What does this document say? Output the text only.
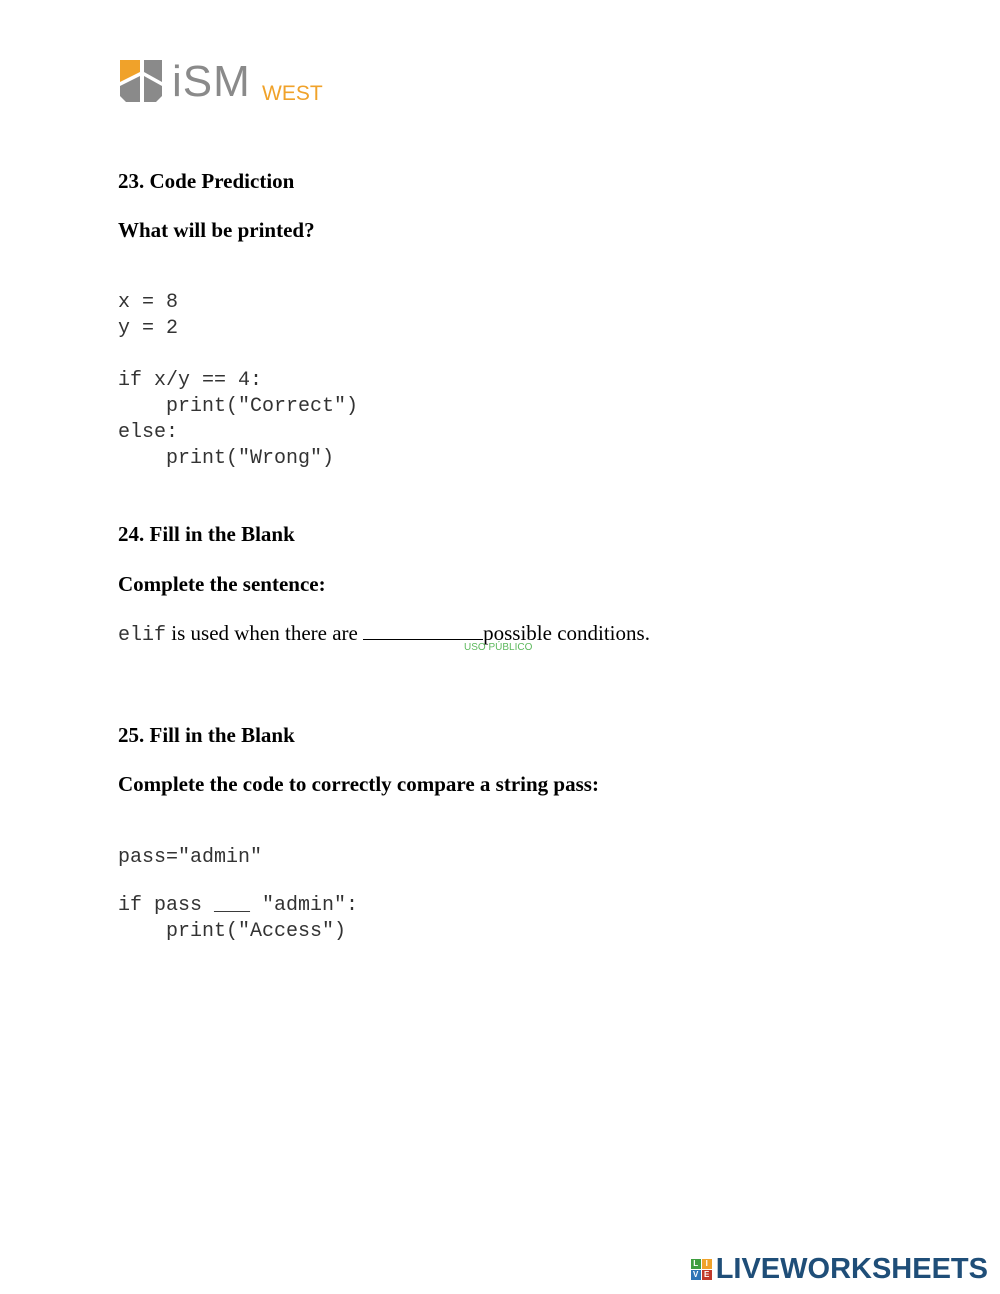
iSM WEST
23. Code Prediction
What will be printed?

x = 8
y = 2
if x/y == 4:
print("Correct")
else:
print("Wrong")

24. Fill in the Blank
Complete the sentence:
elif is used when there are	possible conditions.
USO PÚBLICO
25. Fill in the Blank
Complete the code to correctly compare a string pass:

pass="admin"
if pass ___ "admin":
print("Access")

L I
V E LIVEWORKSHEETS
